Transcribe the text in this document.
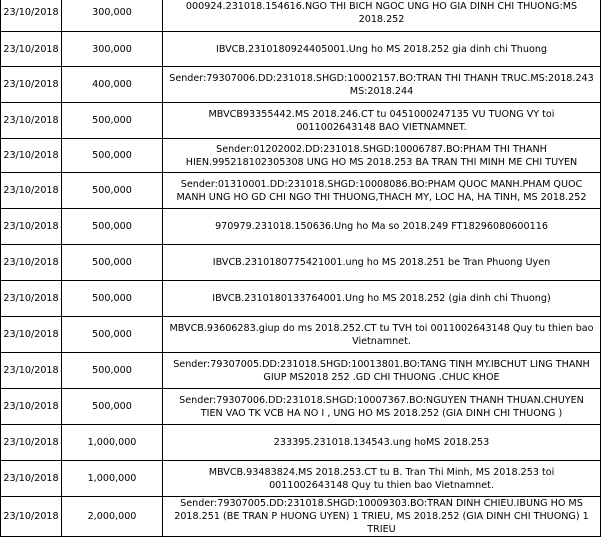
23/10/2018	300,000	000924.231018.154616.NGO THI BICH NGOC UNG HO GIA DINH CHI THUONG:MS 2018.252
23/10/2018	300,000	IBVCB.2310180924405001.Ung ho MS 2018.252 gia dinh chi Thuong
23/10/2018	400,000	Sender:79307006.DD:231018.SHGD:10002157.BO:TRAN THI THANH TRUC.MS:2018.243 MS:2018.244
23/10/2018	500,000	MBVCB93355442.MS 2018.246.CT tu 0451000247135 VU TUONG VY toi 0011002643148 BAO VIETNAMNET.
23/10/2018	500,000	Sender:01202002.DD:231018.SHGD:10006787.BO:PHAM THI THANH HIEN.995218102305308 UNG HO MS 2018.253 BA TRAN THI MINH ME CHI TUYEN
23/10/2018	500,000	Sender:01310001.DD:231018.SHGD:10008086.BO:PHAM QUOC MANH.PHAM QUOC MANH UNG HO GD CHI NGO THI THUONG,THACH MY, LOC HA, HA TINH, MS 2018.252
23/10/2018	500,000	970979.231018.150636.Ung ho Ma so 2018.249 FT18296080600116
23/10/2018	500,000	IBVCB.2310180775421001.ung ho MS 2018.251 be Tran Phuong Uyen
23/10/2018	500,000	IBVCB.2310180133764001.Ung ho MS 2018.252 (gia dinh chi Thuong)
23/10/2018	500,000	MBVCB.93606283.giup do ms 2018.252.CT tu TVH toi 0011002643148 Quy tu thien bao Vietnamnet.
23/10/2018	500,000	Sender:79307005.DD:231018.SHGD:10013801.BO:TANG TINH MY.IBCHUT LING THANH GIUP MS2018 252 .GD CHI THUONG .CHUC KHOE
23/10/2018	500,000	Sender:79307006.DD:231018.SHGD:10007367.BO:NGUYEN THANH THUAN.CHUYEN TIEN VAO TK VCB HA NO I , UNG HO MS 2018.252 (GIA DINH CHI THUONG )
23/10/2018	1,000,000	233395.231018.134543.ung hoMS 2018.253
23/10/2018	1,000,000	MBVCB.93483824.MS 2018.253.CT tu B. Tran Thi Minh, MS 2018.253 toi 0011002643148 Quy tu thien bao Vietnamnet.
23/10/2018	2,000,000	Sender:79307005.DD:231018.SHGD:10009303.BO:TRAN DINH CHIEU.IBUNG HO MS 2018.251 (BE TRAN P HUONG UYEN) 1 TRIEU, MS 2018.252 (GIA DINH CHI THUONG) 1 TRIEU
